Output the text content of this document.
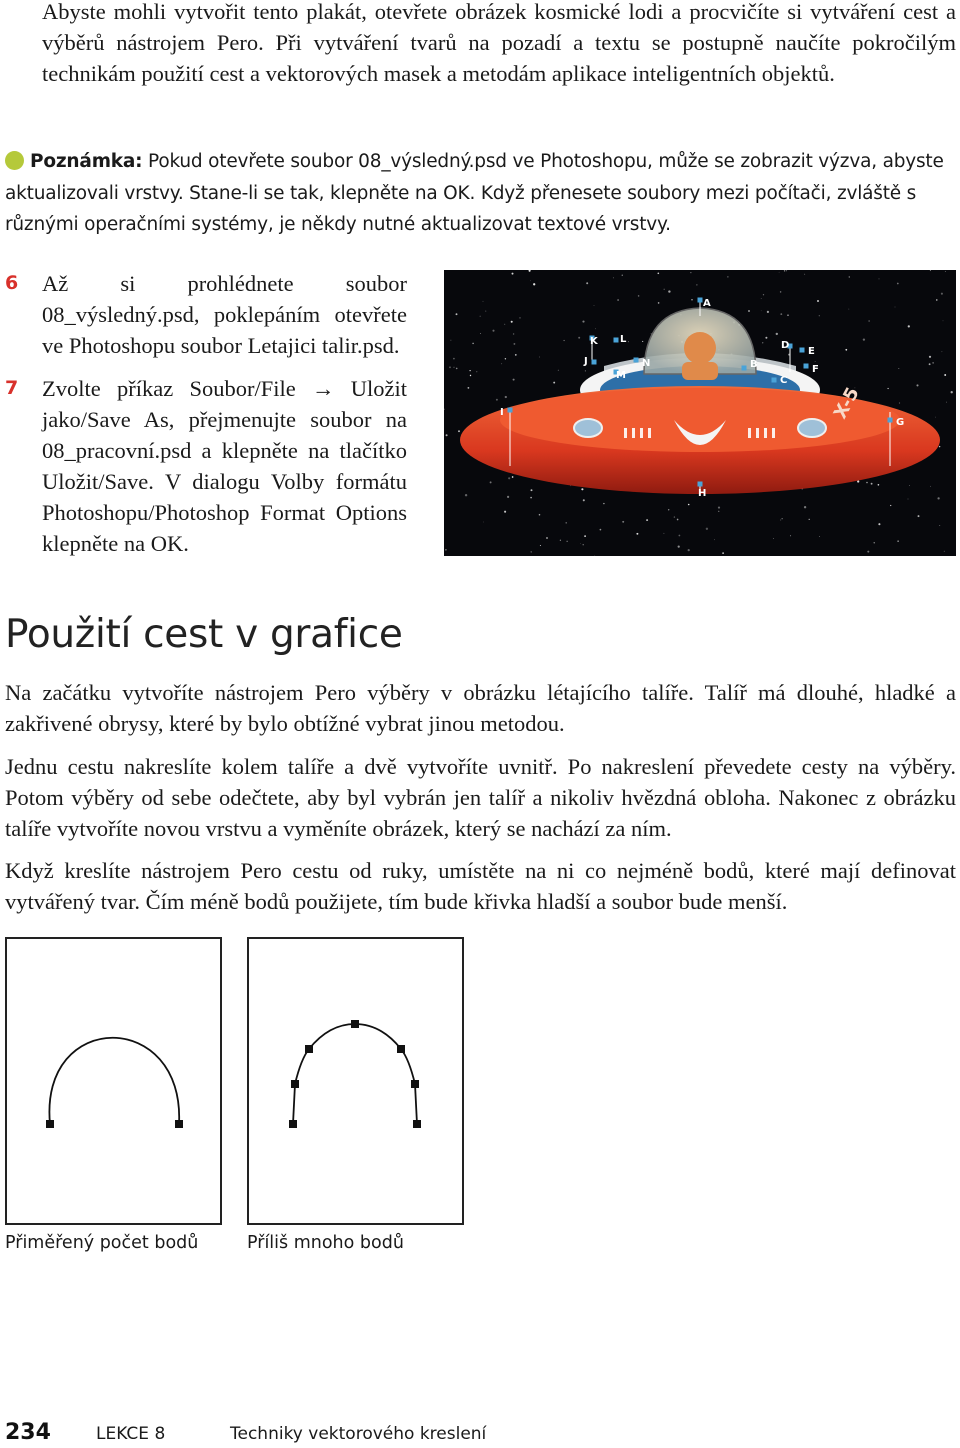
Abyste mohli vytvořit tento plakát, otevřete obrázek kosmické lodi a procvičíte si vytváření cest a výběrů nástrojem Pero. Při vytváření tvarů na pozadí a textu se postupně naučíte pokročilým technikám použití cest a vektorových masek a metodám aplikace inteligentních objektů.

Poznámka: Pokud otevřete soubor 08_výsledný.psd ve Photoshopu, může se zobrazit výzva, abyste aktualizovali vrstvy. Stane-li se tak, klepněte na OK. Když přenesete soubory mezi počítači, zvláště s různými operačními systémy, je někdy nutné aktualizovat textové vrstvy.

6 Až si prohlédnete soubor 08_výsledný.psd, poklepáním otevřete ve Photoshopu soubor Letajici talir.psd.
7 Zvolte příkaz Soubor/File → Uložit jako/Save As, přejmenujte soubor na 08_pracovní.psd a klepněte na tlačítko Uložit/Save. V dialogu Volby formátu Photoshopu/Photoshop Format Options klepněte na OK.
X-5
A
B
C
D
E
F
G
H
I
J
K L
M
N
Použití cest v grafice

Na začátku vytvoříte nástrojem Pero výběry v obrázku létajícího talíře. Talíř má dlouhé, hladké a zakřivené obrysy, které by bylo obtížné vybrat jinou metodou.

Jednu cestu nakreslíte kolem talíře a dvě vytvoříte uvnitř. Po nakreslení převedete cesty na výběry. Potom výběry od sebe odečtete, aby byl vybrán jen talíř a nikoliv hvězdná obloha. Nakonec z obrázku talíře vytvoříte novou vrstvu a vyměníte obrázek, který se nachází za ním.

Když kreslíte nástrojem Pero cestu od ruky, umístěte na ni co nejméně bodů, které mají definovat vytvářený tvar. Čím méně bodů použijete, tím bude křivka hladší a soubor bude menší.

Přiměřený počet bodů	Příliš mnoho bodů
234	LEKCE 8	Techniky vektorového kreslení
